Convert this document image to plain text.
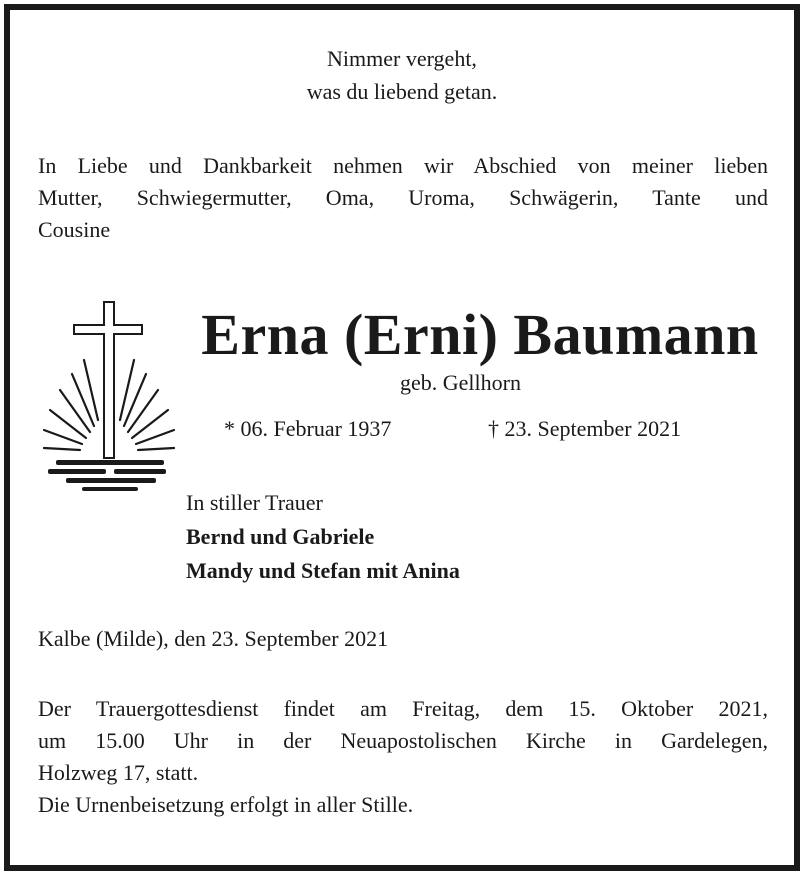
Nimmer vergeht,
was du liebend getan.
In Liebe und Dankbarkeit nehmen wir Abschied von meiner lieben
Mutter, Schwiegermutter, Oma, Uroma, Schwägerin, Tante und
Cousine
Erna (Erni) Baumann
geb. Gellhorn
* 06. Februar 1937	† 23. September 2021
In stiller Trauer
Bernd und Gabriele
Mandy und Stefan mit Anina
Kalbe (Milde), den 23. September 2021
Der Trauergottesdienst findet am Freitag, dem 15. Oktober 2021,
um 15.00 Uhr in der Neuapostolischen Kirche in Gardelegen,
Holzweg 17, statt.
Die Urnenbeisetzung erfolgt in aller Stille.
